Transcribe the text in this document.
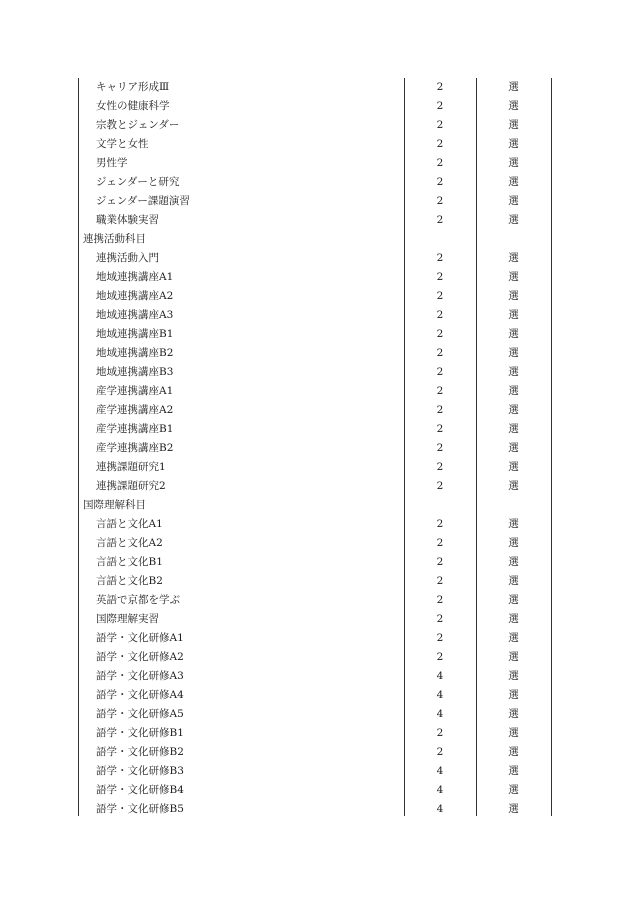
キャリア形成Ⅲ	2	選
女性の健康科学	2	選
宗教とジェンダー	2	選
文学と女性	2	選
男性学	2	選
ジェンダーと研究	2	選
ジェンダー課題演習	2	選
職業体験実習	2	選
連携活動科目
連携活動入門	2	選
地域連携講座A1	2	選
地域連携講座A2	2	選
地域連携講座A3	2	選
地域連携講座B1	2	選
地域連携講座B2	2	選
地域連携講座B3	2	選
産学連携講座A1	2	選
産学連携講座A2	2	選
産学連携講座B1	2	選
産学連携講座B2	2	選
連携課題研究1	2	選
連携課題研究2	2	選
国際理解科目
言語と文化A1	2	選
言語と文化A2	2	選
言語と文化B1	2	選
言語と文化B2	2	選
英語で京都を学ぶ	2	選
国際理解実習	2	選
語学・文化研修A1	2	選
語学・文化研修A2	2	選
語学・文化研修A3	4	選
語学・文化研修A4	4	選
語学・文化研修A5	4	選
語学・文化研修B1	2	選
語学・文化研修B2	2	選
語学・文化研修B3	4	選
語学・文化研修B4	4	選
語学・文化研修B5	4	選
